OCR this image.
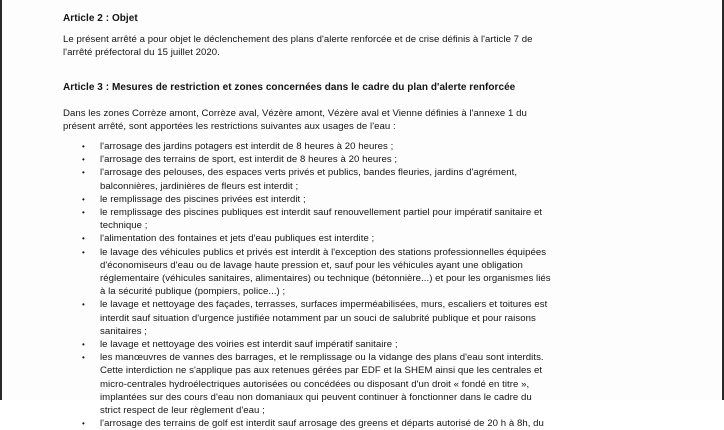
Article 2 : Objet
Le présent arrêté a pour objet le déclenchement des plans d'alerte renforcée et de crise définis à l'article 7 de
l'arrêté préfectoral du 15 juillet 2020.
Article 3 : Mesures de restriction et zones concernées dans le cadre du plan d'alerte renforcée
Dans les zones Corrèze amont, Corrèze aval, Vézère amont, Vézère aval et Vienne définies à l'annexe 1 du
présent arrêté, sont apportées les restrictions suivantes aux usages de l'eau :
• l'arrosage des jardins potagers est interdit de 8 heures à 20 heures ;
• l'arrosage des terrains de sport, est interdit de 8 heures à 20 heures ;
• l'arrosage des pelouses, des espaces verts privés et publics, bandes fleuries, jardins d'agrément,
balconnières, jardinières de fleurs est interdit ;
• le remplissage des piscines privées est interdit ;
• le remplissage des piscines publiques est interdit sauf renouvellement partiel pour impératif sanitaire et
technique ;
• l'alimentation des fontaines et jets d'eau publiques est interdite ;
• le lavage des véhicules publics et privés est interdit à l'exception des stations professionnelles équipées
d'économiseurs d'eau ou de lavage haute pression et, sauf pour les véhicules ayant une obligation
réglementaire (véhicules sanitaires, alimentaires) ou technique (bétonnière...) et pour les organismes liés
à la sécurité publique (pompiers, police...) ;
• le lavage et nettoyage des façades, terrasses, surfaces imperméabilisées, murs, escaliers et toitures est
interdit sauf situation d'urgence justifiée notamment par un souci de salubrité publique et pour raisons
sanitaires ;
• le lavage et nettoyage des voiries est interdit sauf impératif sanitaire ;
• les manœuvres de vannes des barrages, et le remplissage ou la vidange des plans d'eau sont interdits.
Cette interdiction ne s'applique pas aux retenues gérées par EDF et la SHEM ainsi que les centrales et
micro-centrales hydroélectriques autorisées ou concédées ou disposant d'un droit « fondé en titre »,
implantées sur des cours d'eau non domaniaux qui peuvent continuer à fonctionner dans le cadre du
strict respect de leur règlement d'eau ;
• l'arrosage des terrains de golf est interdit sauf arrosage des greens et départs autorisé de 20 h à 8h, du
